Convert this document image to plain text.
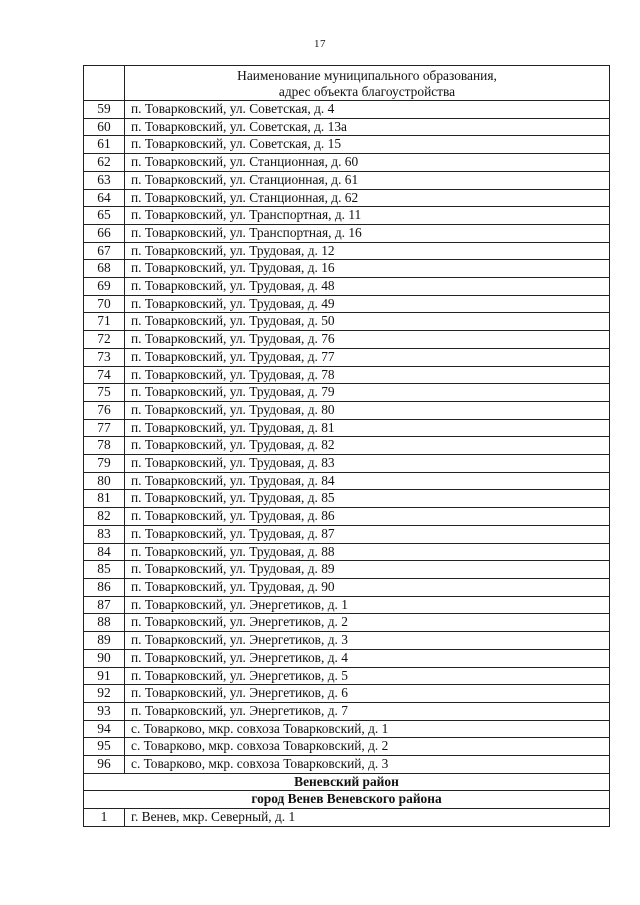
17

	Наименование муниципального образования,
адрес объекта благоустройства

59	п. Товарковский, ул. Советская, д. 4
60	п. Товарковский, ул. Советская, д. 13а
61	п. Товарковский, ул. Советская, д. 15
62	п. Товарковский, ул. Станционная, д. 60
63	п. Товарковский, ул. Станционная, д. 61
64	п. Товарковский, ул. Станционная, д. 62
65	п. Товарковский, ул. Транспортная, д. 11
66	п. Товарковский, ул. Транспортная, д. 16
67	п. Товарковский, ул. Трудовая, д. 12
68	п. Товарковский, ул. Трудовая, д. 16
69	п. Товарковский, ул. Трудовая, д. 48
70	п. Товарковский, ул. Трудовая, д. 49
71	п. Товарковский, ул. Трудовая, д. 50
72	п. Товарковский, ул. Трудовая, д. 76
73	п. Товарковский, ул. Трудовая, д. 77
74	п. Товарковский, ул. Трудовая, д. 78
75	п. Товарковский, ул. Трудовая, д. 79
76	п. Товарковский, ул. Трудовая, д. 80
77	п. Товарковский, ул. Трудовая, д. 81
78	п. Товарковский, ул. Трудовая, д. 82
79	п. Товарковский, ул. Трудовая, д. 83
80	п. Товарковский, ул. Трудовая, д. 84
81	п. Товарковский, ул. Трудовая, д. 85
82	п. Товарковский, ул. Трудовая, д. 86
83	п. Товарковский, ул. Трудовая, д. 87
84	п. Товарковский, ул. Трудовая, д. 88
85	п. Товарковский, ул. Трудовая, д. 89
86	п. Товарковский, ул. Трудовая, д. 90
87	п. Товарковский, ул. Энергетиков, д. 1
88	п. Товарковский, ул. Энергетиков, д. 2
89	п. Товарковский, ул. Энергетиков, д. 3
90	п. Товарковский, ул. Энергетиков, д. 4
91	п. Товарковский, ул. Энергетиков, д. 5
92	п. Товарковский, ул. Энергетиков, д. 6
93	п. Товарковский, ул. Энергетиков, д. 7
94	с. Товарково, мкр. совхоза Товарковский, д. 1
95	с. Товарково, мкр. совхоза Товарковский, д. 2
96	с. Товарково, мкр. совхоза Товарковский, д. 3
Веневский район	
город Венев Веневского района	
1	г. Венев, мкр. Северный, д. 1
